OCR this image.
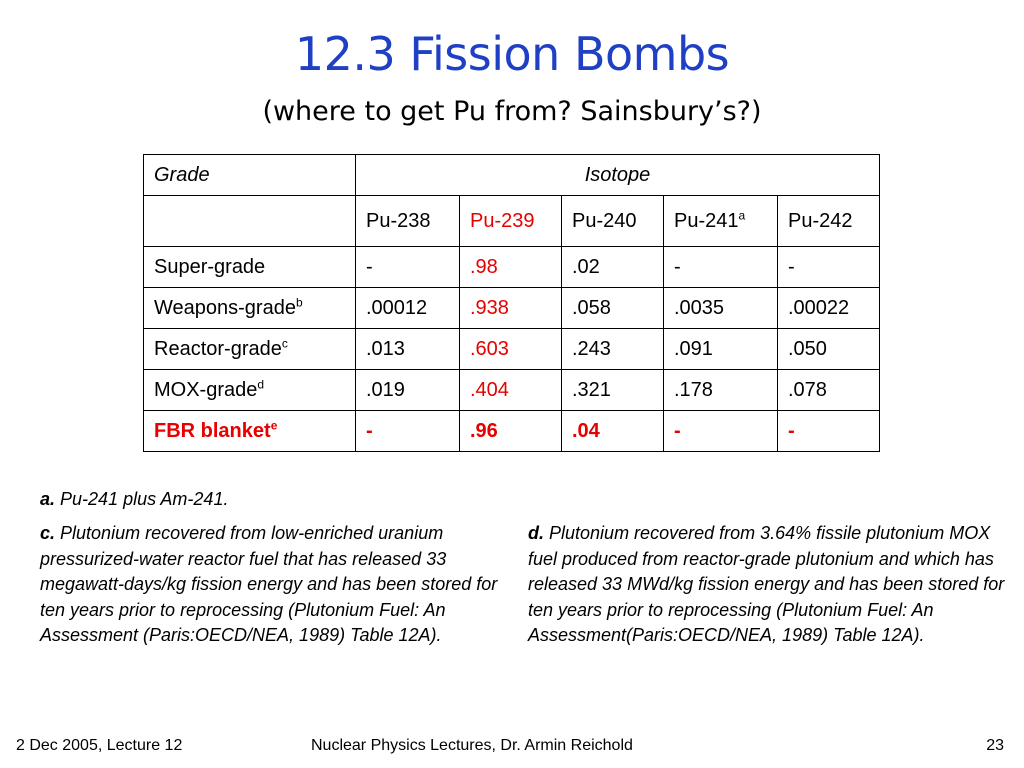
12.3 Fission Bombs
(where to get Pu from? Sainsbury’s?)
Grade	Isotope				
	Pu-238	Pu-239	Pu-240	Pu-241$^a$	Pu-242
Super-grade	-	.98	.02	-	-
Weapons-grade$^b$	.00012	.938	.058	.0035	.00022
Reactor-grade$^c$	.013	.603	.243	.091	.050
MOX-grade$^d$	.019	.404	.321	.178	.078
FBR blanket$^e$	-	.96	.04	-	-
a. Pu-241 plus Am-241.
c. Plutonium recovered from low-enriched uranium pressurized-water reactor fuel that has released 33 megawatt-days/kg fission energy and has been stored for ten years prior to reprocessing (Plutonium Fuel: An Assessment (Paris:OECD/NEA, 1989) Table 12A).
d. Plutonium recovered from 3.64% fissile plutonium MOX fuel produced from reactor-grade plutonium and which has released 33 MWd/kg fission energy and has been stored for ten years prior to reprocessing (Plutonium Fuel: An Assessment(Paris:OECD/NEA, 1989) Table 12A).
2 Dec 2005, Lecture 12	Nuclear Physics Lectures, Dr. Armin Reichold	23
